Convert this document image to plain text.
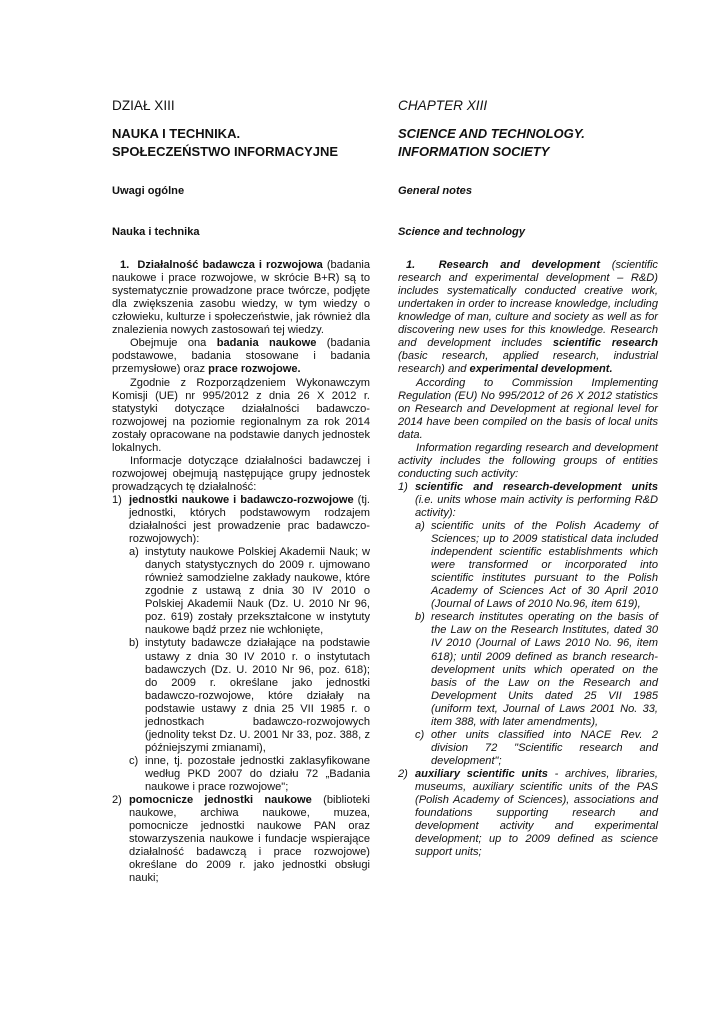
DZIAŁ XIII
NAUKA I TECHNIKA.
SPOŁECZEŃSTWO INFORMACYJNE

Uwagi ogólne

Nauka i technika

1. Działalność badawcza i rozwojowa (badania naukowe i prace rozwojowe, w skrócie B+R) są to systematycznie prowadzone prace twórcze, podjęte dla zwiększenia zasobu wiedzy, w tym wiedzy o człowieku, kulturze i społeczeństwie, jak również dla znalezienia nowych zastosowań tej wiedzy.

Obejmuje ona badania naukowe (badania podstawowe, badania stosowane i badania przemysłowe) oraz prace rozwojowe.

Zgodnie z Rozporządzeniem Wykonawczym Komisji (UE) nr 995/2012 z dnia 26 X 2012 r. statystyki dotyczące działalności badawczo-rozwojowej na poziomie regionalnym za rok 2014 zostały opracowane na podstawie danych jednostek lokalnych.

Informacje dotyczące działalności badawczej i rozwojowej obejmują następujące grupy jednostek prowadzących tę działalność:

1) jednostki naukowe i badawczo-rozwojowe (tj. jednostki, których podstawowym rodzajem działalności jest prowadzenie prac badawczo-rozwojowych):

a) instytuty naukowe Polskiej Akademii Nauk; w danych statystycznych do 2009 r. ujmowano również samodzielne zakłady naukowe, które zgodnie z ustawą z dnia 30 IV 2010 o Polskiej Akademii Nauk (Dz. U. 2010 Nr 96, poz. 619) zostały przekształcone w instytuty naukowe bądź przez nie wchłonięte,
b) instytuty badawcze działające na podstawie ustawy z dnia 30 IV 2010 r. o instytutach badawczych (Dz. U. 2010 Nr 96, poz. 618); do 2009 r. określane jako jednostki badawczo-rozwojowe, które działały na podstawie ustawy z dnia 25 VII 1985 r. o jednostkach badawczo-rozwojowych (jednolity tekst Dz. U. 2001 Nr 33, poz. 388, z późniejszymi zmianami),
c) inne, tj. pozostałe jednostki zaklasyfikowane według PKD 2007 do działu 72 „Badania naukowe i prace rozwojowe";
2) pomocnicze jednostki naukowe (biblioteki naukowe, archiwa naukowe, muzea, pomocnicze jednostki naukowe PAN oraz stowarzyszenia naukowe i fundacje wspierające działalność badawczą i prace rozwojowe) określane do 2009 r. jako jednostki obsługi nauki;

CHAPTER XIII
SCIENCE AND TECHNOLOGY.
INFORMATION SOCIETY

General notes

Science and technology

1. Research and development (scientific research and experimental development – R&D) includes systematically conducted creative work, undertaken in order to increase knowledge, including knowledge of man, culture and society as well as for discovering new uses for this knowledge. Research and development includes scientific research (basic research, applied research, industrial research) and experimental development.

According to Commission Implementing Regulation (EU) No 995/2012 of 26 X 2012 statistics on Research and Development at regional level for 2014 have been compiled on the basis of local units data.

Information regarding research and development activity includes the following groups of entities conducting such activity:

1) scientific and research-development units (i.e. units whose main activity is performing R&D activity):

a) scientific units of the Polish Academy of Sciences; up to 2009 statistical data included independent scientific establishments which were transformed or incorporated into scientific institutes pursuant to the Polish Academy of Sciences Act of 30 April 2010 (Journal of Laws of 2010 No.96, item 619),
b) research institutes operating on the basis of the Law on the Research Institutes, dated 30 IV 2010 (Journal of Laws 2010 No. 96, item 618); until 2009 defined as branch research-development units which operated on the basis of the Law on the Research and Development Units dated 25 VII 1985 (uniform text, Journal of Laws 2001 No. 33, item 388, with later amendments),
c) other units classified into NACE Rev. 2 division 72 "Scientific research and development";
2) auxiliary scientific units - archives, libraries, museums, auxiliary scientific units of the PAS (Polish Academy of Sciences), associations and foundations supporting research and development activity and experimental development; up to 2009 defined as science support units;
